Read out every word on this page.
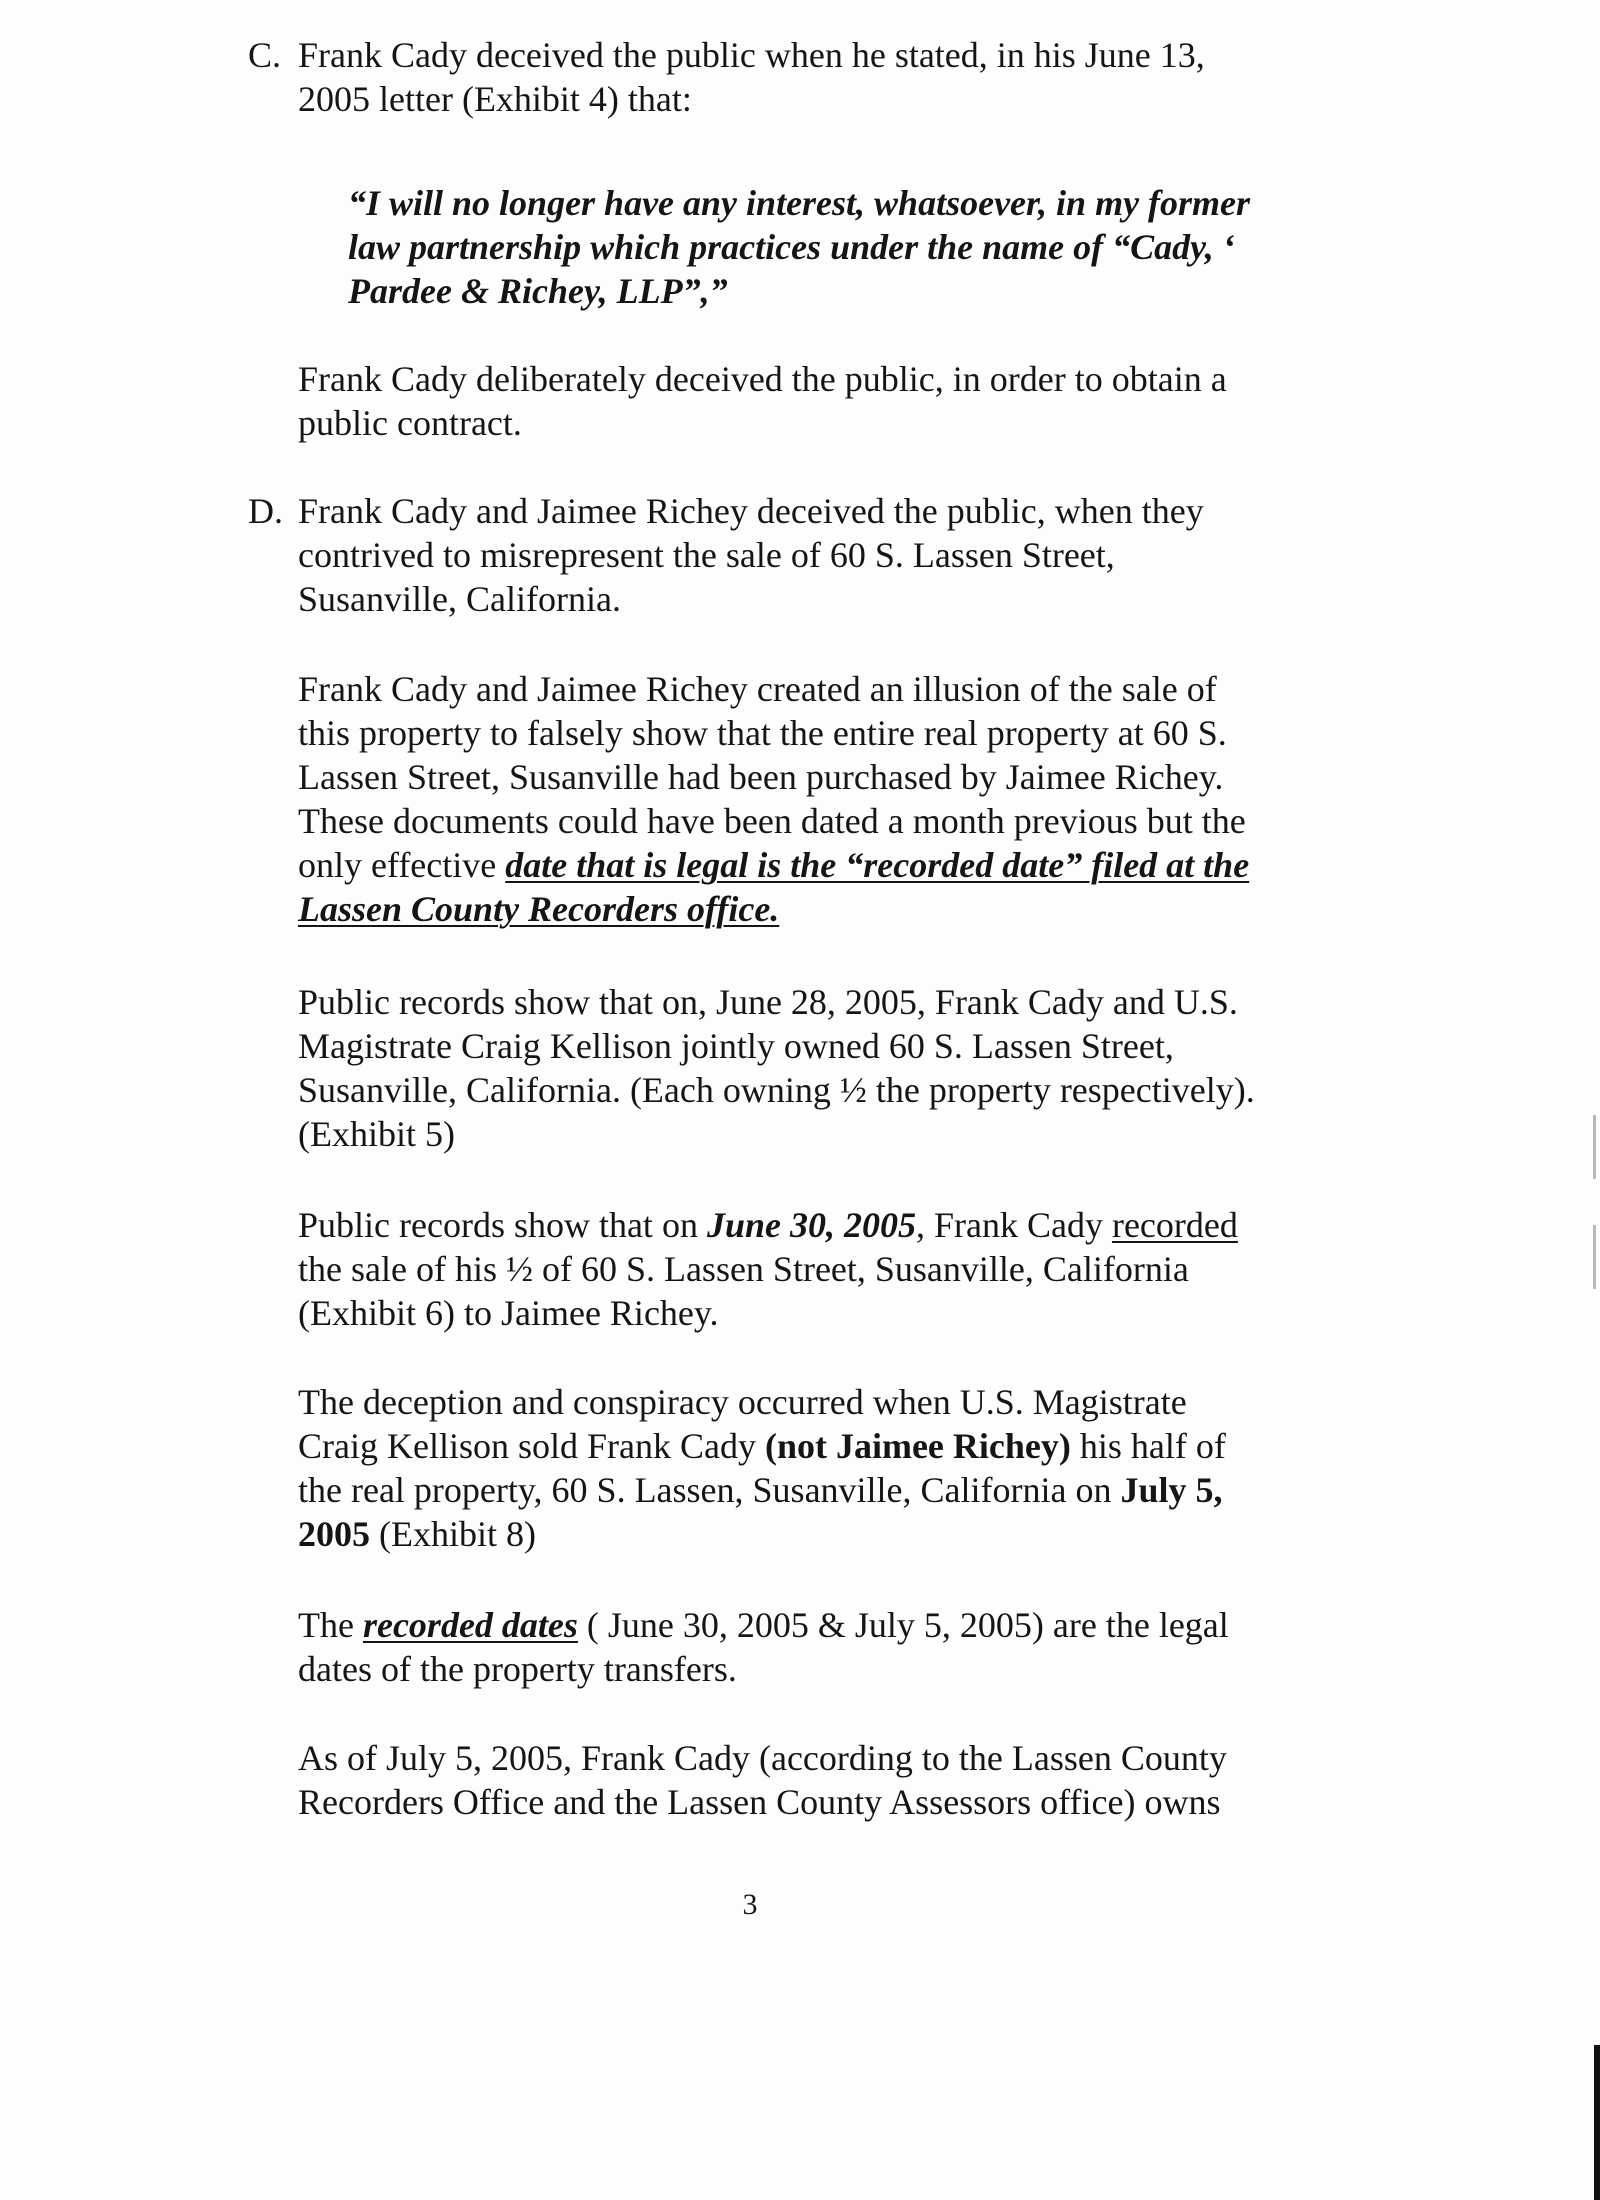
C. Frank Cady deceived the public when he stated, in his June 13,
2005 letter (Exhibit 4) that:
“I will no longer have any interest, whatsoever, in my former
law partnership which practices under the name of “Cady, ‘
Pardee & Richey, LLP”,”
Frank Cady deliberately deceived the public, in order to obtain a
public contract.
D. Frank Cady and Jaimee Richey deceived the public, when they
contrived to misrepresent the sale of 60 S. Lassen Street,
Susanville, California.
Frank Cady and Jaimee Richey created an illusion of the sale of
this property to falsely show that the entire real property at 60 S.
Lassen Street, Susanville had been purchased by Jaimee Richey.
These documents could have been dated a month previous but the
only effective date that is legal is the “recorded date” filed at the
Lassen County Recorders office.
Public records show that on, June 28, 2005, Frank Cady and U.S.
Magistrate Craig Kellison jointly owned 60 S. Lassen Street,
Susanville, California. (Each owning ½ the property respectively).
(Exhibit 5)
Public records show that on June 30, 2005, Frank Cady recorded
the sale of his ½ of 60 S. Lassen Street, Susanville, California
(Exhibit 6) to Jaimee Richey.
The deception and conspiracy occurred when U.S. Magistrate
Craig Kellison sold Frank Cady (not Jaimee Richey) his half of
the real property, 60 S. Lassen, Susanville, California on July 5,
2005 (Exhibit 8)
The recorded dates ( June 30, 2005 & July 5, 2005) are the legal
dates of the property transfers.
As of July 5, 2005, Frank Cady (according to the Lassen County
Recorders Office and the Lassen County Assessors office) owns
3
